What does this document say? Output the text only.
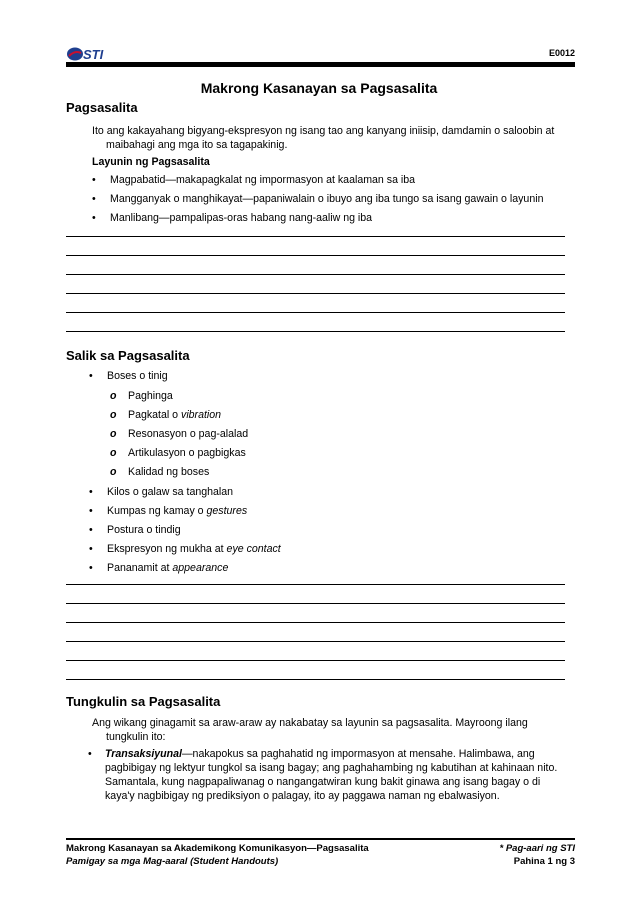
STI	E0012
Makrong Kasanayan sa Pagsasalita
Pagsasalita
Ito ang kakayahang bigyang-ekspresyon ng isang tao ang kanyang iniisip, damdamin o saloobin at maibahagi ang mga ito sa tagapakinig.
Layunin ng Pagsasalita
• Magpabatid—makapagkalat ng impormasyon at kaalaman sa iba
• Mangganyak o manghikayat—papaniwalain o ibuyo ang iba tungo sa isang gawain o layunin
• Manlibang—pampalipas-oras habang nang-aaliw ng iba
Salik sa Pagsasalita
• Boses o tinig
o Paghinga
o Pagkatal o vibration
o Resonasyon o pag-alalad
o Artikulasyon o pagbigkas
o Kalidad ng boses
• Kilos o galaw sa tanghalan
• Kumpas ng kamay o gestures
• Postura o tindig
• Ekspresyon ng mukha at eye contact
• Pananamit at appearance
Tungkulin sa Pagsasalita
Ang wikang ginagamit sa araw-araw ay nakabatay sa layunin sa pagsasalita. Mayroong ilang tungkulin ito:
• Transaksiyunal—nakapokus sa paghahatid ng impormasyon at mensahe. Halimbawa, ang pagbibigay ng lektyur tungkol sa isang bagay; ang paghahambing ng kabutihan at kahinaan nito. Samantala, kung nagpapaliwanag o nangangatwiran kung bakit ginawa ang isang bagay o di kaya'y nagbibigay ng prediksiyon o palagay, ito ay paggawa naman ng ebalwasiyon.
Makrong Kasanayan sa Akademikong Komunikasyon—Pagsasalita
Pamigay sa mga Mag-aaral (Student Handouts)
* Pag-aari ng STI
Pahina 1 ng 3
